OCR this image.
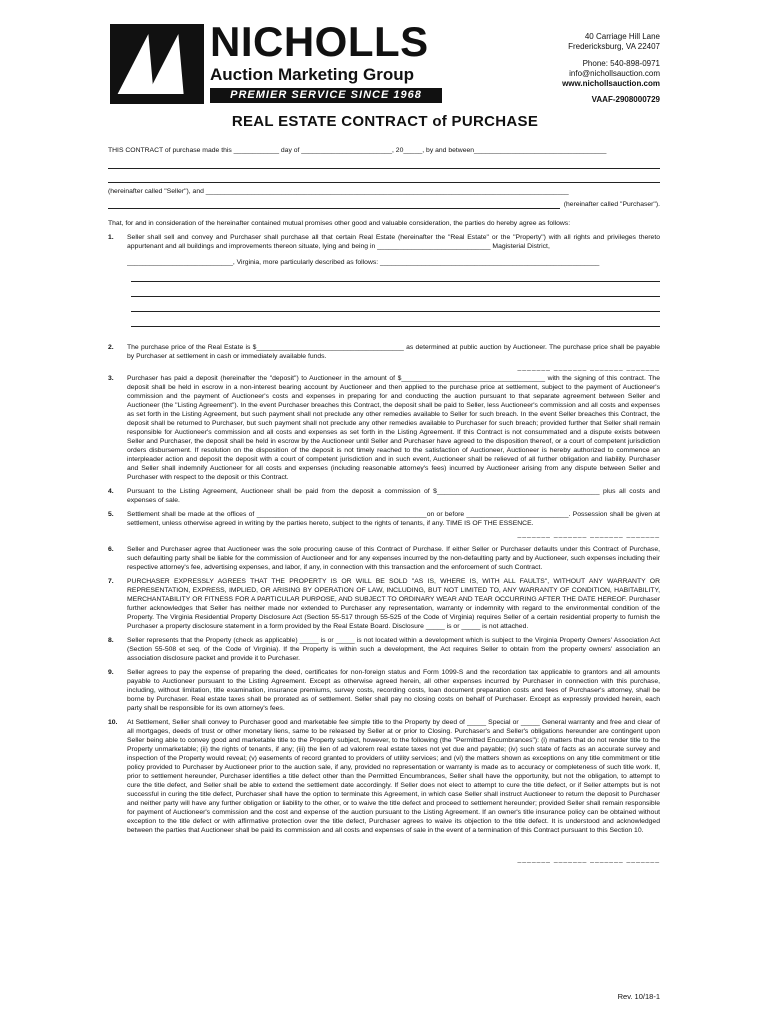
NICHOLLS
Auction Marketing Group
PREMIER SERVICE SINCE 1968
40 Carriage Hill Lane
Fredericksburg, VA 22407
Phone: 540-898-0971
info@nichollsauction.com
www.nichollsauction.com
VAAF-2908000729
REAL ESTATE CONTRACT of PURCHASE
THIS CONTRACT of purchase made this ____________ day of ________________________, 20_____, by and between___________________________________
(hereinafter called "Seller"), and ________________________________________________________________________________________________
(hereinafter called "Purchaser").
That, for and in consideration of the hereinafter contained mutual promises other good and valuable consideration, the parties do hereby agree as follows:
1. Seller shall sell and convey and Purchaser shall purchase all that certain Real Estate (hereinafter the "Real Estate" or the "Property") with all rights and privileges thereto appurtenant and all buildings and improvements thereon situate, lying and being in ______________________________ Magisterial District,
____________________________, Virginia, more particularly described as follows: __________________________________________________________
2. The purchase price of the Real Estate is $_______________________________________ as determined at public auction by Auctioneer. The purchase price shall be payable by Purchaser at settlement in cash or immediately available funds.
_______ _______ _______ _______
3. Purchaser has paid a deposit (hereinafter the "deposit") to Auctioneer in the amount of $______________________________________ with the signing of this contract. The deposit shall be held in escrow in a non-interest bearing account by Auctioneer and then applied to the purchase price at settlement, subject to the payment of Auctioneer's commission and the payment of Auctioneer's costs and expenses in preparing for and conducting the auction pursuant to that separate agreement between Seller and Auctioneer (the "Listing Agreement"). In the event Purchaser breaches this Contract, the deposit shall be paid to Seller, less Auctioneer's commission and all costs and expenses as set forth in the Listing Agreement, but such payment shall not preclude any other remedies available to Seller for such breach. In the event Seller breaches this Contract, the deposit shall be returned to Purchaser, but such payment shall not preclude any other remedies available to Purchaser for such breach; provided further that Seller shall remain responsible for Auctioneer's commission and all costs and expenses as set forth in the Listing Agreement. If this Contract is not consummated and a dispute exists between Seller and Purchaser, the deposit shall be held in escrow by the Auctioneer until Seller and Purchaser have agreed to the disposition thereof, or a court of competent jurisdiction orders disbursement. If resolution on the disposition of the deposit is not timely reached to the satisfaction of Auctioneer, Auctioneer is hereby authorized to commence an interpleader action and deposit the deposit with a court of competent jurisdiction and in such event, Auctioneer shall be relieved of all further obligation and liability. Purchaser and Seller shall indemnify Auctioneer for all costs and expenses (including reasonable attorney's fees) incurred by Auctioneer arising from any dispute between Seller and Purchaser with respect to the deposit or this Contract.
4. Pursuant to the Listing Agreement, Auctioneer shall be paid from the deposit a commission of $___________________________________________ plus all costs and expenses of sale.
5. Settlement shall be made at the offices of _____________________________________________on or before ___________________________. Possession shall be given at settlement, unless otherwise agreed in writing by the parties hereto, subject to the rights of tenants, if any. TIME IS OF THE ESSENCE.
_______ _______ _______ _______
6. Seller and Purchaser agree that Auctioneer was the sole procuring cause of this Contract of Purchase. If either Seller or Purchaser defaults under this Contract of Purchase, such defaulting party shall be liable for the commission of Auctioneer and for any expenses incurred by the non-defaulting party and by Auctioneer, such expenses including their respective attorney's fee, advertising expenses, and labor, if any, in connection with this transaction and the enforcement of such Contract.
7. PURCHASER EXPRESSLY AGREES THAT THE PROPERTY IS OR WILL BE SOLD "AS IS, WHERE IS, WITH ALL FAULTS", WITHOUT ANY WARRANTY OR REPRESENTATION, EXPRESS, IMPLIED, OR ARISING BY OPERATION OF LAW, INCLUDING, BUT NOT LIMITED TO, ANY WARRANTY OF CONDITION, HABITABILITY, MERCHANTABILITY OR FITNESS FOR A PARTICULAR PURPOSE, AND SUBJECT TO ORDINARY WEAR AND TEAR OCCURRING AFTER THE DATE HEREOF. Purchaser further acknowledges that Seller has neither made nor extended to Purchaser any representation, warranty or indemnity with regard to the environmental condition of the Property. The Virginia Residential Property Disclosure Act (Section 55-517 through 55-525 of the Code of Virginia) requires Seller of a certain residential property to furnish the Purchaser a property disclosure statement in a form provided by the Real Estate Board. Disclosure _____ is or _____ is not attached.
8. Seller represents that the Property (check as applicable) _____ is or _____ is not located within a development which is subject to the Virginia Property Owners' Association Act (Section 55-508 et seq. of the Code of Virginia). If the Property is within such a development, the Act requires Seller to obtain from the property owners' association an association disclosure packet and provide it to Purchaser.
9. Seller agrees to pay the expense of preparing the deed, certificates for non-foreign status and Form 1099-S and the recordation tax applicable to grantors and all amounts payable to Auctioneer pursuant to the Listing Agreement. Except as otherwise agreed herein, all other expenses incurred by Purchaser in connection with this purchase, including, without limitation, title examination, insurance premiums, survey costs, recording costs, loan document preparation costs and fees of Purchaser's attorney, shall be borne by Purchaser. Real estate taxes shall be prorated as of settlement. Seller shall pay no closing costs on behalf of Purchaser. Except as expressly provided herein, each party shall be responsible for its own attorney's fees.
10. At Settlement, Seller shall convey to Purchaser good and marketable fee simple title to the Property by deed of _____ Special or _____ General warranty and free and clear of all mortgages, deeds of trust or other monetary liens, same to be released by Seller at or prior to Closing. Purchaser's and Seller's obligations hereunder are contingent upon Seller being able to convey good and marketable title to the Property subject, however, to the following (the "Permitted Encumbrances"): (i) matters that do not render title to the Property unmarketable; (ii) the rights of tenants, if any; (iii) the lien of ad valorem real estate taxes not yet due and payable; (iv) such state of facts as an accurate survey and inspection of the Property would reveal; (v) easements of record granted to providers of utility services; and (vi) the matters shown as exceptions on any title commitment or title policy provided to Purchaser by Auctioneer prior to the auction sale, if any, provided no representation or warranty is made as to accuracy or completeness of such title work. If, prior to settlement hereunder, Purchaser identifies a title defect other than the Permitted Encumbrances, Seller shall have the opportunity, but not the obligation, to attempt to cure the title defect, and Seller shall be able to extend the settlement date accordingly. If Seller does not elect to attempt to cure the title defect, or if Seller attempts but is not successful in curing the title defect, Purchaser shall have the option to terminate this Agreement, in which case Seller shall instruct Auctioneer to return the deposit to Purchaser and neither party will have any further obligation or liability to the other, or to waive the title defect and proceed to settlement hereunder; provided Seller shall remain responsible for payment of Auctioneer's commission and the cost and expense of the auction pursuant to the Listing Agreement. If an owner's title insurance policy can be obtained without exception to the title defect or with affirmative protection over the title defect, Purchaser agrees to waive its objection to the title defect. It is understood and acknowledged between the parties that Auctioneer shall be paid its commission and all costs and expenses of sale in the event of a termination of this Contract pursuant to this Section 10.
_______ _______ _______ _______
Rev. 10/18-1
